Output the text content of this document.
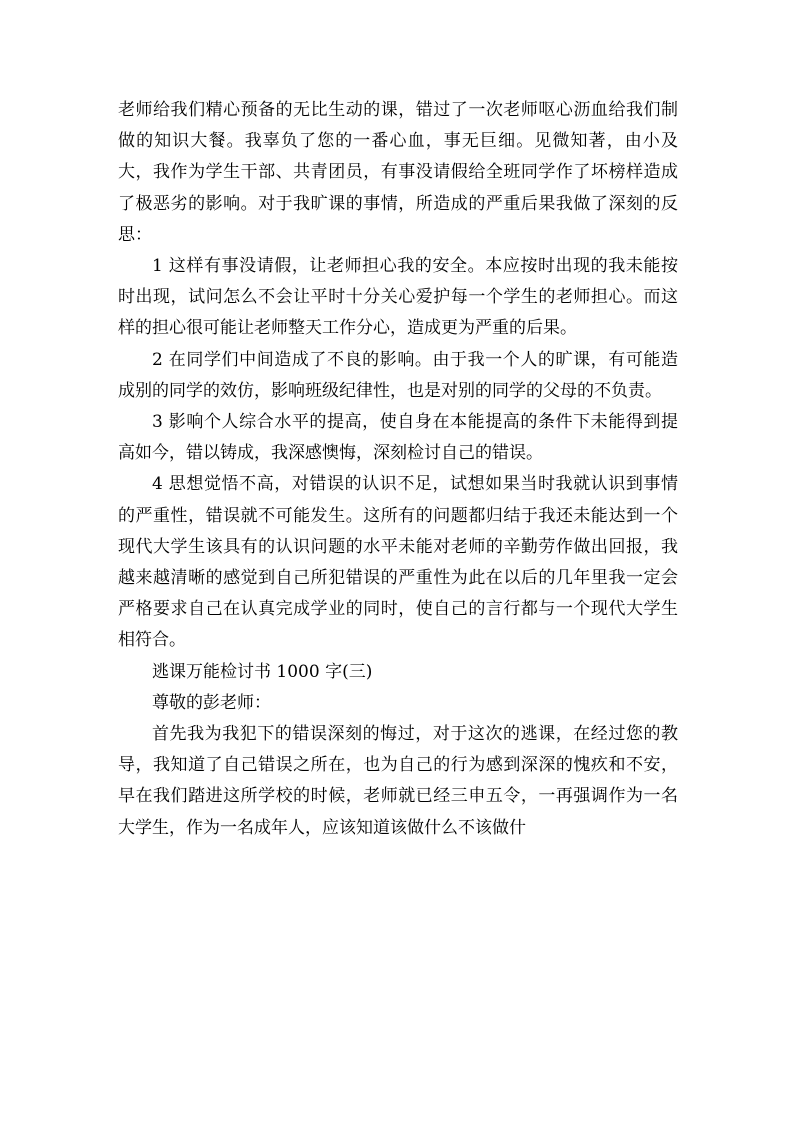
老师给我们精心预备的无比生动的课，错过了一次老师呕心沥血给我们制做的知识大餐。我辜负了您的一番心血，事无巨细。见微知著，由小及大，我作为学生干部、共青团员，有事没请假给全班同学作了坏榜样造成了极恶劣的影响。对于我旷课的事情，所造成的严重后果我做了深刻的反思：

1 这样有事没请假，让老师担心我的安全。本应按时出现的我未能按时出现，试问怎么不会让平时十分关心爱护每一个学生的老师担心。而这样的担心很可能让老师整天工作分心，造成更为严重的后果。

2 在同学们中间造成了不良的影响。由于我一个人的旷课，有可能造成别的同学的效仿，影响班级纪律性，也是对别的同学的父母的不负责。

3 影响个人综合水平的提高，使自身在本能提高的条件下未能得到提高如今，错以铸成，我深感懊悔，深刻检讨自己的错误。

4 思想觉悟不高，对错误的认识不足，试想如果当时我就认识到事情的严重性，错误就不可能发生。这所有的问题都归结于我还未能达到一个现代大学生该具有的认识问题的水平未能对老师的辛勤劳作做出回报，我越来越清晰的感觉到自己所犯错误的严重性为此在以后的几年里我一定会严格要求自己在认真完成学业的同时，使自己的言行都与一个现代大学生相符合。

逃课万能检讨书 1000 字(三)

尊敬的彭老师：

首先我为我犯下的错误深刻的悔过，对于这次的逃课，在经过您的教导，我知道了自己错误之所在，也为自己的行为感到深深的愧疚和不安，早在我们踏进这所学校的时候，老师就已经三申五令，一再强调作为一名大学生，作为一名成年人，应该知道该做什么不该做什
